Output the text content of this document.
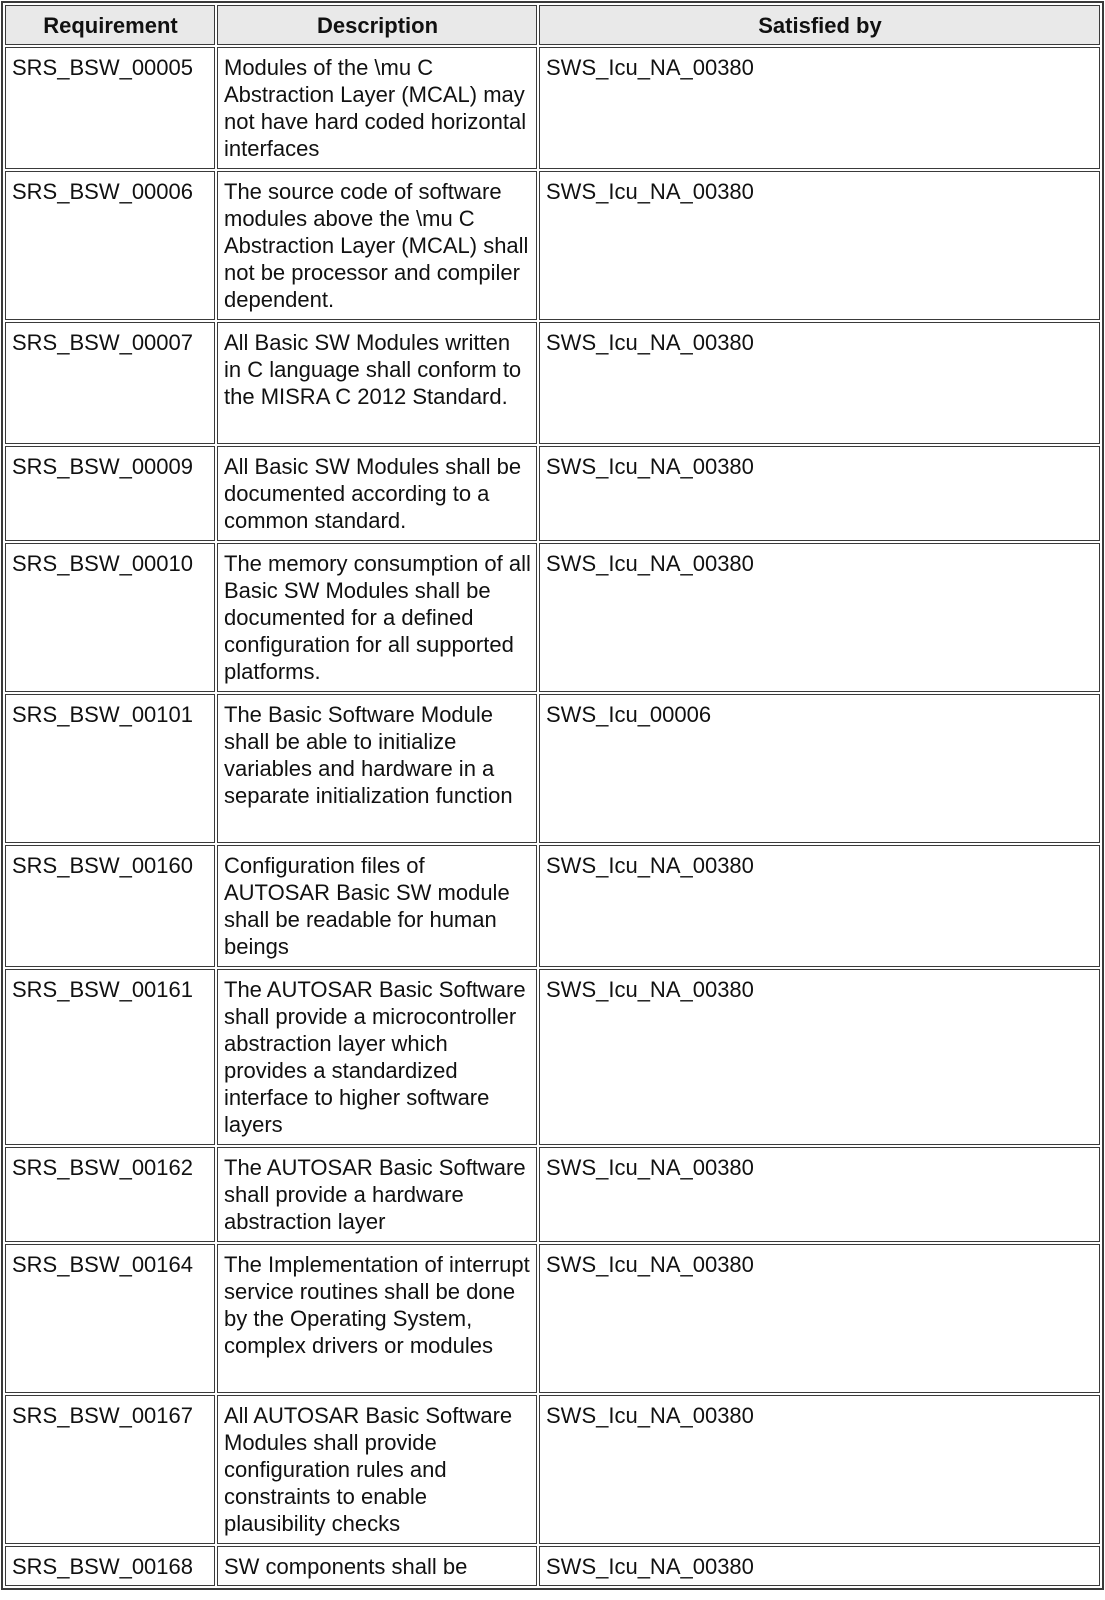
Requirement	Description	Satisfied by
SRS_BSW_00005	Modules of the \mu C Abstraction Layer (MCAL) may not have hard coded horizontal interfaces	SWS_Icu_NA_00380
SRS_BSW_00006	The source code of software modules above the \mu C Abstraction Layer (MCAL) shall not be processor and compiler dependent.	SWS_Icu_NA_00380
SRS_BSW_00007	All Basic SW Modules written in C language shall conform to the MISRA C 2012 Standard.	SWS_Icu_NA_00380
SRS_BSW_00009	All Basic SW Modules shall be documented according to a common standard.	SWS_Icu_NA_00380
SRS_BSW_00010	The memory consumption of all Basic SW Modules shall be documented for a defined configuration for all supported platforms.	SWS_Icu_NA_00380
SRS_BSW_00101	The Basic Software Module shall be able to initialize variables and hardware in a separate initialization function	SWS_Icu_00006
SRS_BSW_00160	Configuration files of AUTOSAR Basic SW module shall be readable for human beings	SWS_Icu_NA_00380
SRS_BSW_00161	The AUTOSAR Basic Software shall provide a microcontroller abstraction layer which provides a standardized interface to higher software layers	SWS_Icu_NA_00380
SRS_BSW_00162	The AUTOSAR Basic Software shall provide a hardware abstraction layer	SWS_Icu_NA_00380
SRS_BSW_00164	The Implementation of interrupt service routines shall be done by the Operating System, complex drivers or modules	SWS_Icu_NA_00380
SRS_BSW_00167	All AUTOSAR Basic Software Modules shall provide configuration rules and constraints to enable plausibility checks	SWS_Icu_NA_00380
SRS_BSW_00168	SW components shall be	SWS_Icu_NA_00380
